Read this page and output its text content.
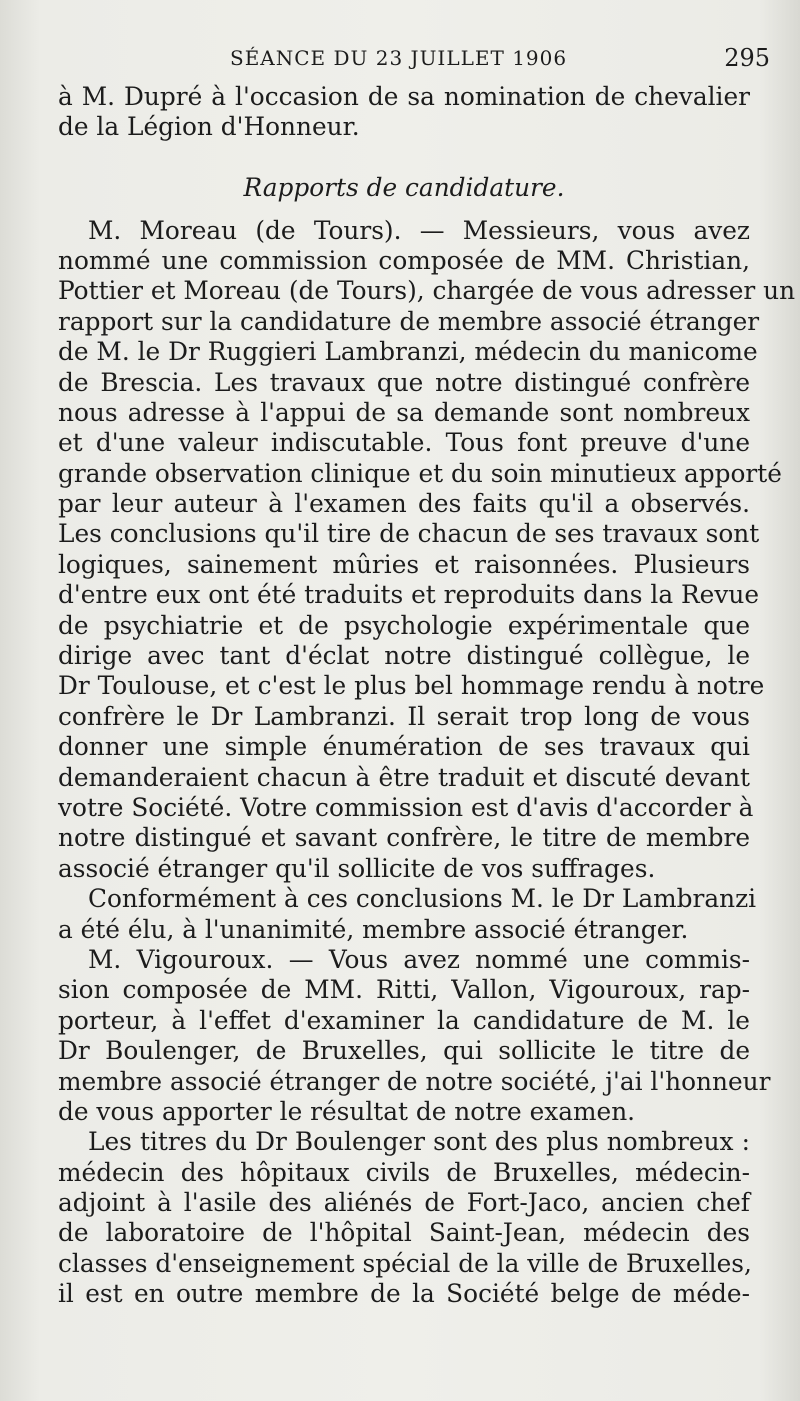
SÉANCE DU 23 JUILLET 1906	295
à M. Dupré à l'occasion de sa nomination de chevalier
de la Légion d'Honneur.
Rapports de candidature.
M. Moreau (de Tours). — Messieurs, vous avez
nommé une commission composée de MM. Christian,
Pottier et Moreau (de Tours), chargée de vous adresser un
rapport sur la candidature de membre associé étranger
de M. le Dr Ruggieri Lambranzi, médecin du manicome
de Brescia. Les travaux que notre distingué confrère
nous adresse à l'appui de sa demande sont nombreux
et d'une valeur indiscutable. Tous font preuve d'une
grande observation clinique et du soin minutieux apporté
par leur auteur à l'examen des faits qu'il a observés.
Les conclusions qu'il tire de chacun de ses travaux sont
logiques, sainement mûries et raisonnées. Plusieurs
d'entre eux ont été traduits et reproduits dans la Revue
de psychiatrie et de psychologie expérimentale que
dirige avec tant d'éclat notre distingué collègue, le
Dr Toulouse, et c'est le plus bel hommage rendu à notre
confrère le Dr Lambranzi. Il serait trop long de vous
donner une simple énumération de ses travaux qui
demanderaient chacun à être traduit et discuté devant
votre Société. Votre commission est d'avis d'accorder à
notre distingué et savant confrère, le titre de membre
associé étranger qu'il sollicite de vos suffrages.
Conformément à ces conclusions M. le Dr Lambranzi
a été élu, à l'unanimité, membre associé étranger.
M. Vigouroux. — Vous avez nommé une commis-
sion composée de MM. Ritti, Vallon, Vigouroux, rap-
porteur, à l'effet d'examiner la candidature de M. le
Dr Boulenger, de Bruxelles, qui sollicite le titre de
membre associé étranger de notre société, j'ai l'honneur
de vous apporter le résultat de notre examen.
Les titres du Dr Boulenger sont des plus nombreux :
médecin des hôpitaux civils de Bruxelles, médecin-
adjoint à l'asile des aliénés de Fort-Jaco, ancien chef
de laboratoire de l'hôpital Saint-Jean, médecin des
classes d'enseignement spécial de la ville de Bruxelles,
il est en outre membre de la Société belge de méde-
